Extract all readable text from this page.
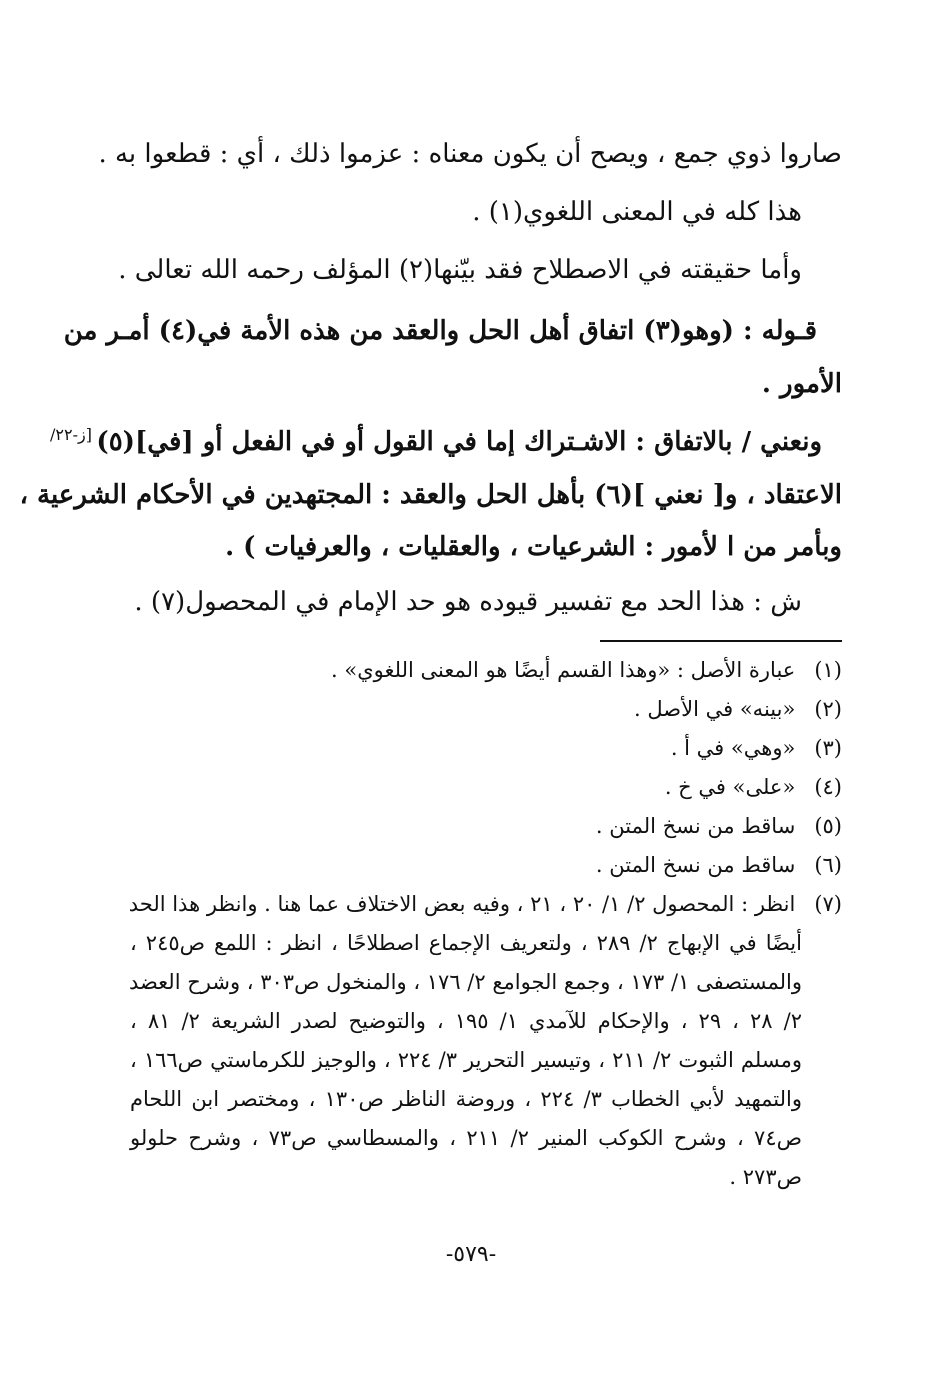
صاروا ذوي جمع ، ويصح أن يكون معناه : عزموا ذلك ، أي : قطعوا به .
هذا كله في المعنى اللغوي(١) .
وأما حقيقته في الاصطلاح فقد بيّنها(٢) المؤلف رحمه الله تعالى .
قـوله : (وهو(٣) اتفاق أهل الحل والعقد من هذه الأمة في(٤) أمـر من
الأمور .
ونعني / بالاتفاق : الاشـتراك إما في القول أو في الفعل أو [في](٥)
[ز-٢٢/
الاعتقاد ، و[ نعني ](٦) بأهل الحل والعقد : المجتهدين في الأحكام الشرعية ،
وبأمر من ا لأمور : الشرعيات ، والعقليات ، والعرفيات ) .
ش : هذا الحد مع تفسير قيوده هو حد الإمام في المحصول(٧) .
(١) عبارة الأصل : «وهذا القسم أيضًا هو المعنى اللغوي» .
(٢) «بينه» في الأصل .
(٣) «وهي» في أ .
(٤) «على» في خ .
(٥) ساقط من نسخ المتن .
(٦) ساقط من نسخ المتن .
(٧) انظر : المحصول ٢/ ١/ ٢٠ ، ٢١ ، وفيه بعض الاختلاف عما هنا . وانظر هذا الحد
أيضًا في الإبهاج ٢/ ٢٨٩ ، ولتعريف الإجماع اصطلاحًا ، انظر : اللمع ص٢٤٥ ،
والمستصفى ١/ ١٧٣ ، وجمع الجوامع ٢/ ١٧٦ ، والمنخول ص٣٠٣ ، وشرح العضد
٢/ ٢٨ ، ٢٩ ، والإحكام للآمدي ١/ ١٩٥ ، والتوضيح لصدر الشريعة ٢/ ٨١ ،
ومسلم الثبوت ٢/ ٢١١ ، وتيسير التحرير ٣/ ٢٢٤ ، والوجيز للكرماستي ص١٦٦ ،
والتمهيد لأبي الخطاب ٣/ ٢٢٤ ، وروضة الناظر ص١٣٠ ، ومختصر ابن اللحام
ص٧٤ ، وشرح الكوكب المنير ٢/ ٢١١ ، والمسطاسي ص٧٣ ، وشرح حلولو
ص٢٧٣ .
-٥٧٩-
